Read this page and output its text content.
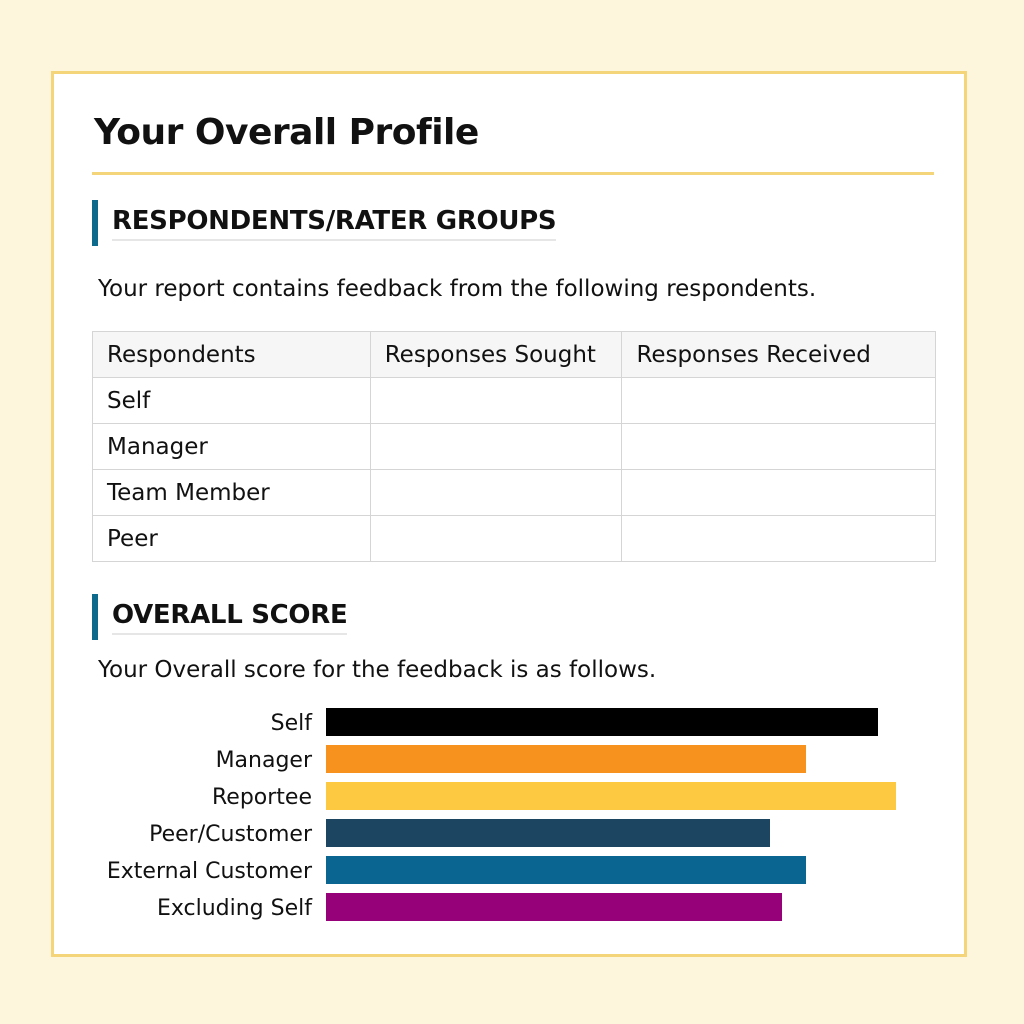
Your Overall Profile
RESPONDENTS/RATER GROUPS

Your report contains feedback from the following respondents.

Respondents	Responses Sought	Responses Received
Self		
Manager		
Team Member		
Peer		
OVERALL SCORE

Your Overall score for the feedback is as follows.

Self
Manager
Reportee
Peer/Customer
External Customer
Excluding Self
